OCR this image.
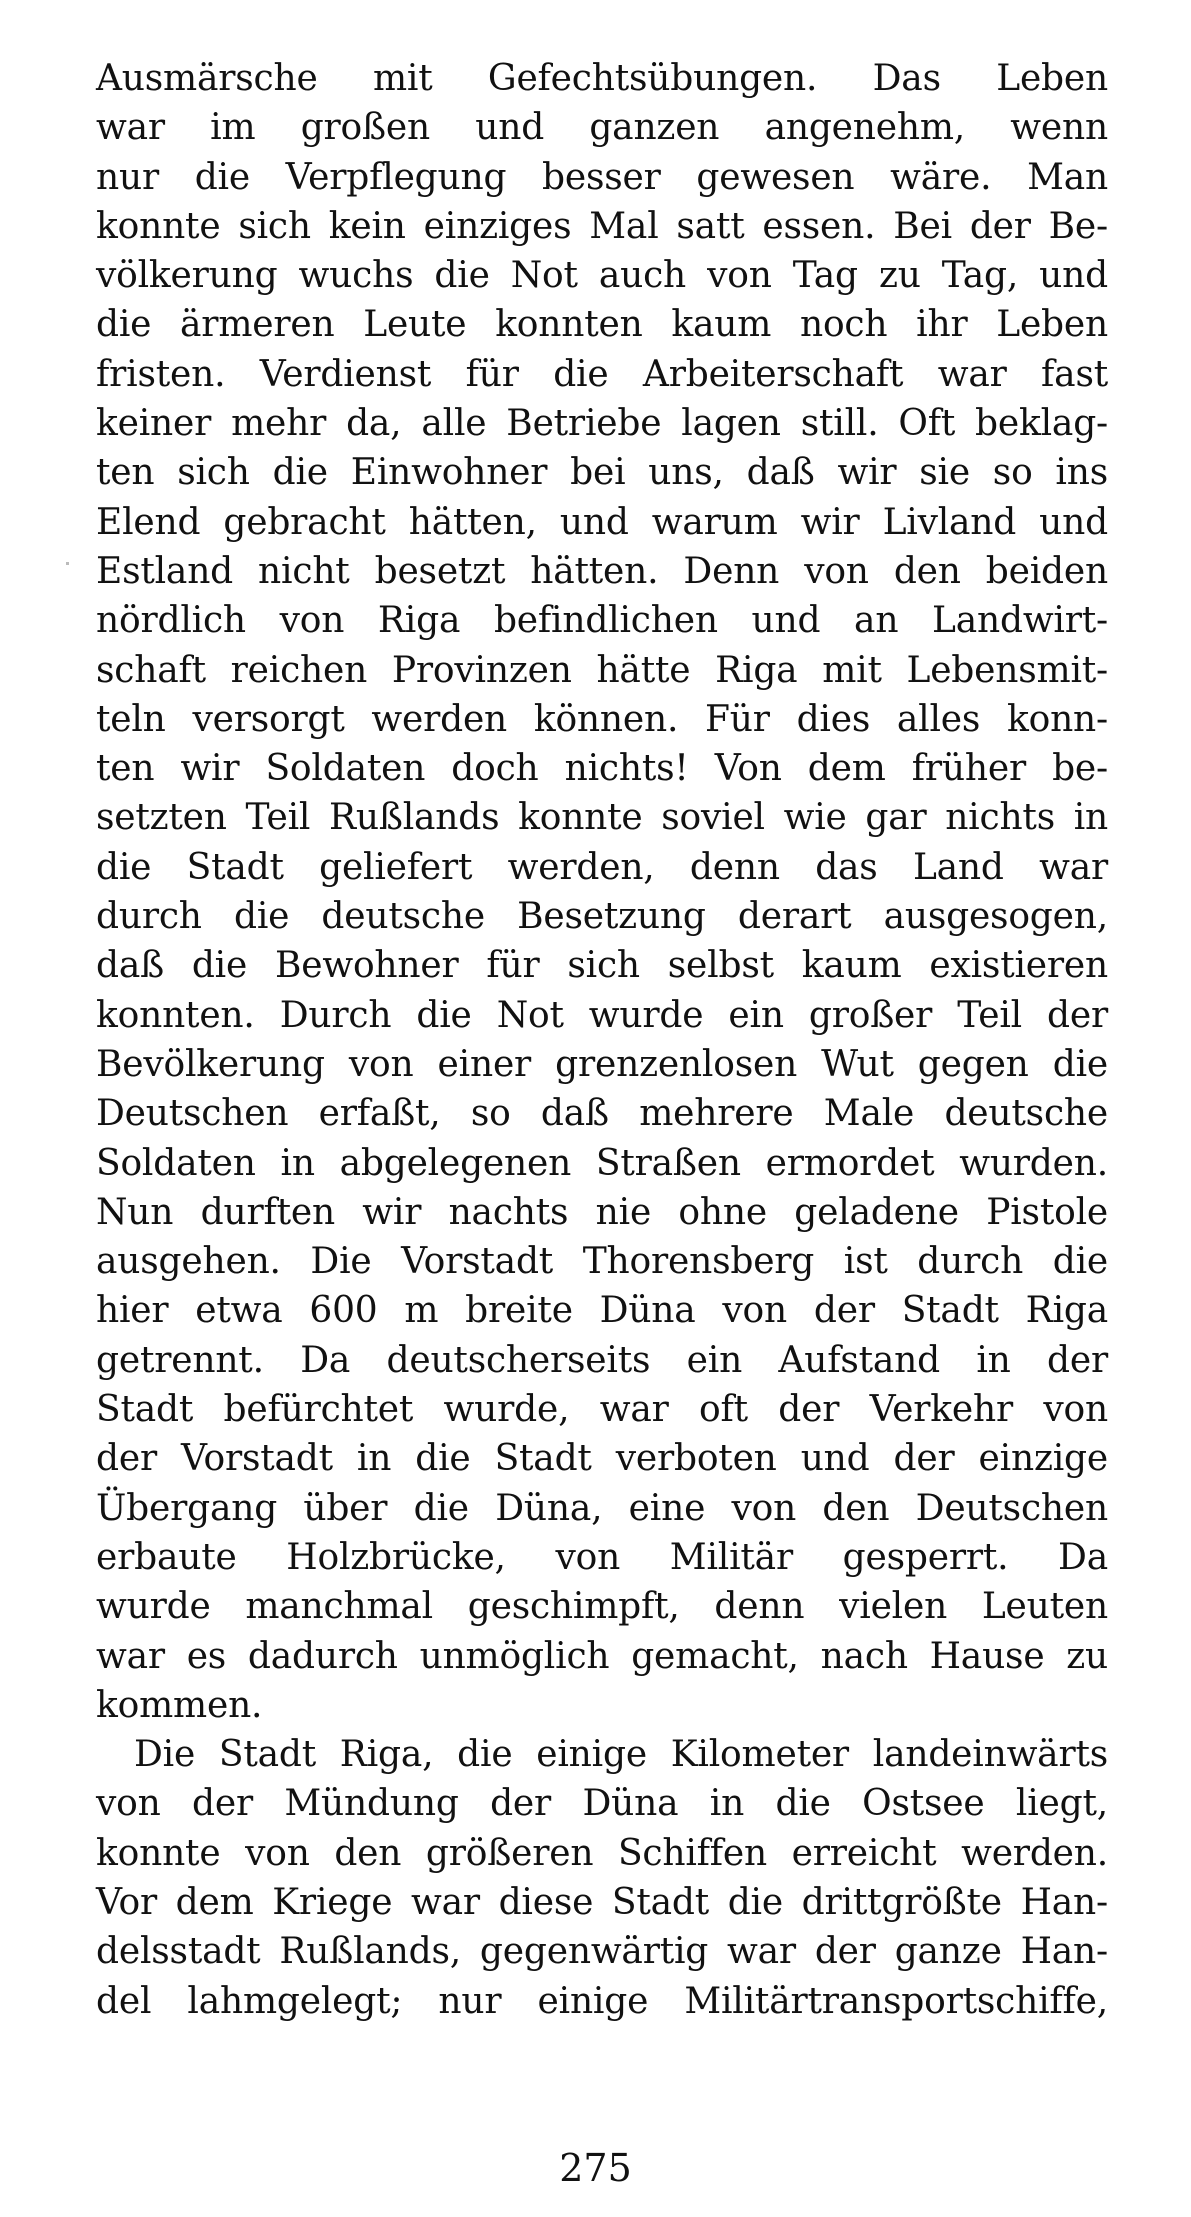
Ausmärsche mit Gefechtsübungen. Das Leben
war im großen und ganzen angenehm, wenn
nur die Verpflegung besser gewesen wäre. Man
konnte sich kein einziges Mal satt essen. Bei der Be-
völkerung wuchs die Not auch von Tag zu Tag, und
die ärmeren Leute konnten kaum noch ihr Leben
fristen. Verdienst für die Arbeiterschaft war fast
keiner mehr da, alle Betriebe lagen still. Oft beklag-
ten sich die Einwohner bei uns, daß wir sie so ins
Elend gebracht hätten, und warum wir Livland und
Estland nicht besetzt hätten. Denn von den beiden
nördlich von Riga befindlichen und an Landwirt-
schaft reichen Provinzen hätte Riga mit Lebensmit-
teln versorgt werden können. Für dies alles konn-
ten wir Soldaten doch nichts! Von dem früher be-
setzten Teil Rußlands konnte soviel wie gar nichts in
die Stadt geliefert werden, denn das Land war
durch die deutsche Besetzung derart ausgesogen,
daß die Bewohner für sich selbst kaum existieren
konnten. Durch die Not wurde ein großer Teil der
Bevölkerung von einer grenzenlosen Wut gegen die
Deutschen erfaßt, so daß mehrere Male deutsche
Soldaten in abgelegenen Straßen ermordet wurden.
Nun durften wir nachts nie ohne geladene Pistole
ausgehen. Die Vorstadt Thorensberg ist durch die
hier etwa 600 m breite Düna von der Stadt Riga
getrennt. Da deutscherseits ein Aufstand in der
Stadt befürchtet wurde, war oft der Verkehr von
der Vorstadt in die Stadt verboten und der einzige
Übergang über die Düna, eine von den Deutschen
erbaute Holzbrücke, von Militär gesperrt. Da
wurde manchmal geschimpft, denn vielen Leuten
war es dadurch unmöglich gemacht, nach Hause zu
kommen.
Die Stadt Riga, die einige Kilometer landeinwärts
von der Mündung der Düna in die Ostsee liegt,
konnte von den größeren Schiffen erreicht werden.
Vor dem Kriege war diese Stadt die drittgrößte Han-
delsstadt Rußlands, gegenwärtig war der ganze Han-
del lahmgelegt; nur einige Militärtransportschiffe,
275
